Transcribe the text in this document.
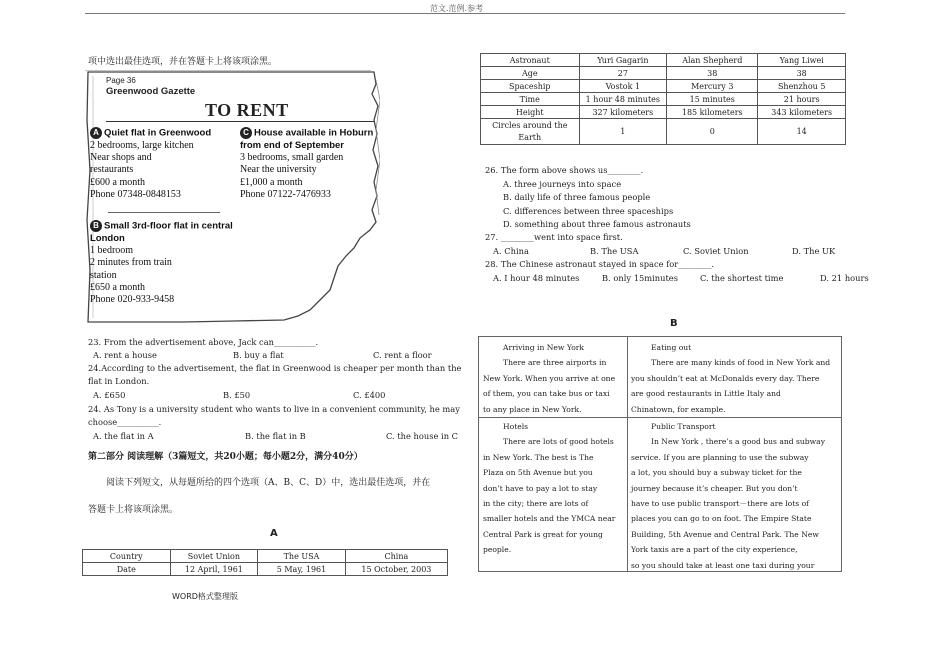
范文.范例.参考
项中选出最佳选项，并在答题卡上将该项涂黑。
Page 36
Greenwood Gazette
TO RENT
A Quiet flat in Greenwood
2 bedrooms, large kitchen
Near shops and
restaurants
£600 a month
Phone 07348-0848153
C House available in Hoburn from end of September
3 bedrooms, small garden
Near the university
£1,000 a month
Phone 07122-7476933
B Small 3rd-floor flat in central London
1 bedroom
2 minutes from train
station
£650 a month
Phone 020-933-9458
23. From the advertisement above, Jack can__________.
A. rent a house	B. buy a flat	C. rent a floor
24.According to the advertisement, the flat in Greenwood is cheaper per month than the
flat in London.
A. £650	B. £50	C. £400
24. As Tony is a university student who wants to live in a convenient community, he may
choose__________.
A. the flat in A	B. the flat in B	C. the house in C
第二部分 阅读理解（3篇短文，共20小题；每小题2分，满分40分）
阅读下列短文，从每题所给的四个选项（A、B、C、D）中，选出最佳选项，并在
答题卡上将该项涂黑。
A
Country	Soviet Union	The USA	China
Date	12 April, 1961	5 May, 1961	15 October, 2003
WORD格式整理版
Astronaut	Yuri Gagarin	Alan Shepherd	Yang Liwei
Age	27	38	38
Spaceship	Vostok 1	Mercury 3	Shenzhou 5
Time	1 hour 48 minutes	15 minutes	21 hours
Height	327 kilometers	185 kilometers	343 kilometers
Circles around the Earth	1	0	14
26. The form above shows us________.
A. three journeys into space
B. daily life of three famous people
C. differences between three spaceships
D. something about three famous astronauts
27. ________went into space first.
A. China	B. The USA	C. Soviet Union	D. The UK
28. The Chinese astronaut stayed in space for________.
A. I hour 48 minutes	B. only 15minutes	C. the shortest time	D. 21 hours
B
Arriving in New York
There are three airports in
New York. When you arrive at one
of them, you can take bus or taxi
to any place in New York.
Eating out
There are many kinds of food in New York and
you shouldn’t eat at McDonalds every day. There
are good restaurants in Little Italy and
Chinatown, for example.
Hotels
There are lots of good hotels
in New York. The best is The
Plaza on 5th Avenue but you
don’t have to pay a lot to stay
in the city; there are lots of
smaller hotels and the YMCA near
Central Park is great for young
people.
Public Transport
In New York , there’s a good bus and subway
service. If you are planning to use the subway
a lot, you should buy a subway ticket for the
journey because it’s cheaper. But you don’t
have to use public transport－there are lots of
places you can go to on foot. The Empire State
Building, 5th Avenue and Central Park. The New
York taxis are a part of the city experience,
so you should take at least one taxi during your
